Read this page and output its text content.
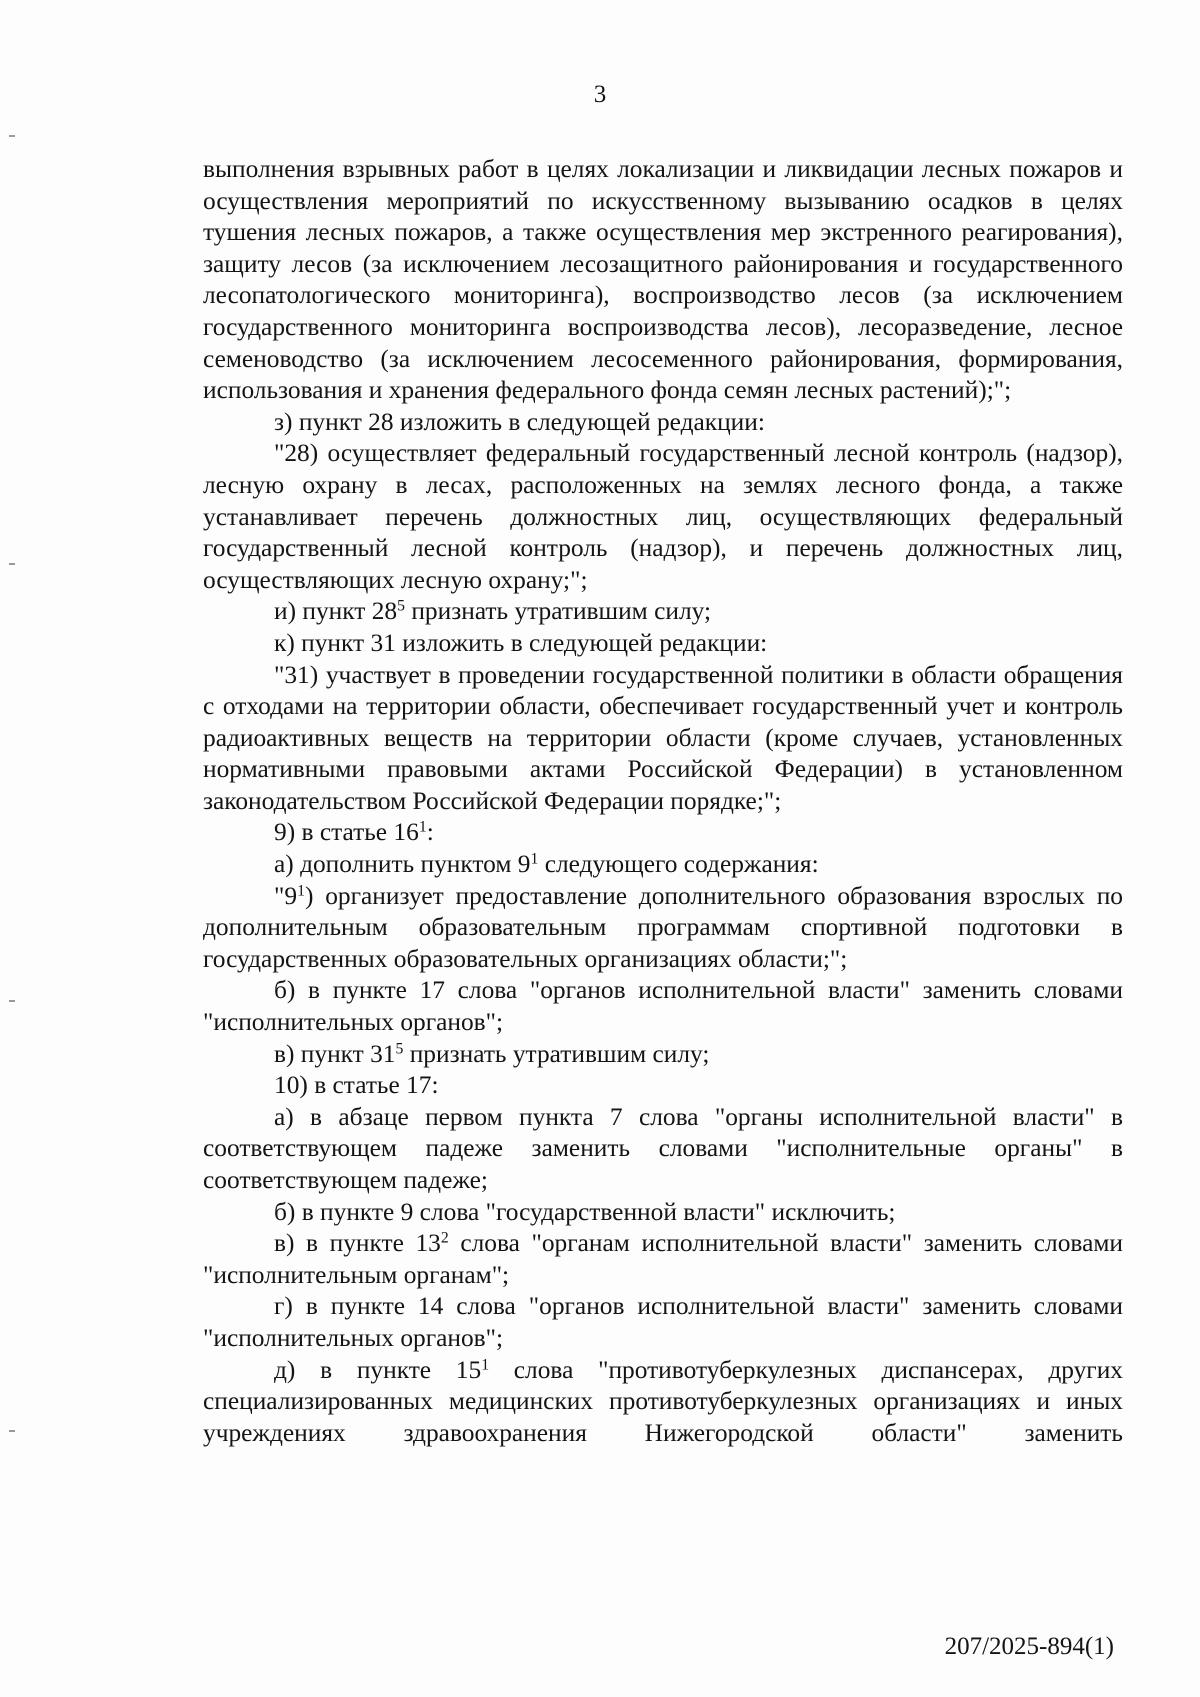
3

выполнения взрывных работ в целях локализации и ликвидации лесных пожаров и осуществления мероприятий по искусственному вызыванию осадков в целях тушения лесных пожаров, а также осуществления мер экстренного реагирования), защиту лесов (за исключением лесозащитного районирования и государственного лесопатологического мониторинга), воспроизводство лесов (за исключением государственного мониторинга воспроизводства лесов), лесоразведение, лесное семеноводство (за исключением лесосеменного районирования, формирования, использования и хранения федерального фонда семян лесных растений);";

з) пункт 28 изложить в следующей редакции:

"28) осуществляет федеральный государственный лесной контроль (надзор), лесную охрану в лесах, расположенных на землях лесного фонда, а также устанавливает перечень должностных лиц, осуществляющих федеральный государственный лесной контроль (надзор), и перечень должностных лиц, осуществляющих лесную охрану;";

и) пункт $28^5$ признать утратившим силу;

к) пункт 31 изложить в следующей редакции:

"31) участвует в проведении государственной политики в области обращения с отходами на территории области, обеспечивает государственный учет и контроль радиоактивных веществ на территории области (кроме случаев, установленных нормативными правовыми актами Российской Федерации) в установленном законодательством Российской Федерации порядке;";

9) в статье $16^1$:

а) дополнить пунктом $9^1$ следующего содержания:

"$9^1$) организует предоставление дополнительного образования взрослых по дополнительным образовательным программам спортивной подготовки в государственных образовательных организациях области;";

б) в пункте 17 слова "органов исполнительной власти" заменить словами "исполнительных органов";

в) пункт $31^5$ признать утратившим силу;

10) в статье 17:

а) в абзаце первом пункта 7 слова "органы исполнительной власти" в соответствующем падеже заменить словами "исполнительные органы" в соответствующем падеже;

б) в пункте 9 слова "государственной власти" исключить;

в) в пункте $13^2$ слова "органам исполнительной власти" заменить словами "исполнительным органам";

г) в пункте 14 слова "органов исполнительной власти" заменить словами "исполнительных органов";

д) в пункте $15^1$ слова "противотуберкулезных диспансерах, других специализированных медицинских противотуберкулезных организациях и иных учреждениях здравоохранения Нижегородской области" заменить

207/2025-894(1)
